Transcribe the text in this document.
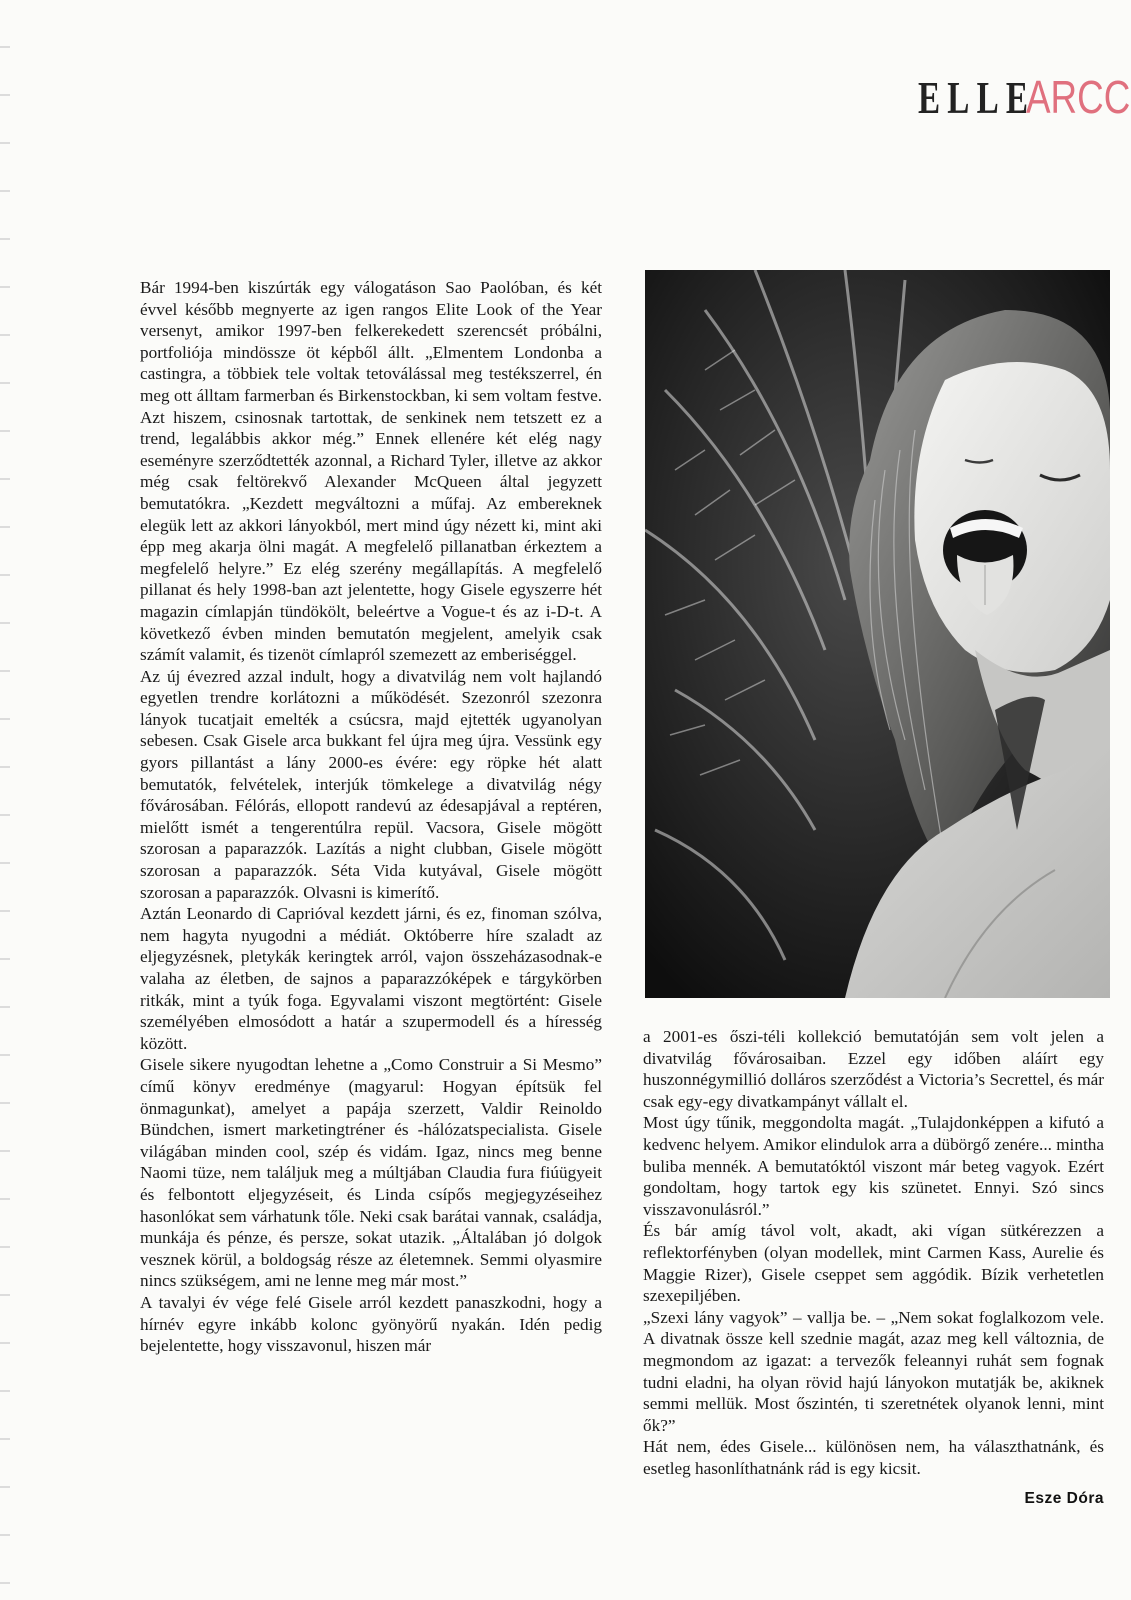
ELLE
ARCC

Bár 1994-ben kiszúrták egy válogatáson Sao Paolóban, és két évvel később megnyerte az igen rangos Elite Look of the Year versenyt, amikor 1997-ben felkerekedett szerencsét próbálni, portfoliója mindössze öt képből állt. „Elmentem Londonba a castingra, a többiek tele voltak tetoválással meg testékszerrel, én meg ott álltam farmerban és Birkenstockban, ki sem voltam festve. Azt hiszem, csinosnak tartottak, de senkinek nem tetszett ez a trend, legalábbis akkor még.” Ennek ellenére két elég nagy eseményre szerződtették azonnal, a Richard Tyler, illetve az akkor még csak feltörekvő Alexander McQueen által jegyzett bemutatókra. „Kezdett megváltozni a műfaj. Az embereknek elegük lett az akkori lányokból, mert mind úgy nézett ki, mint aki épp meg akarja ölni magát. A megfelelő pillanatban érkeztem a megfelelő helyre.” Ez elég szerény megállapítás. A megfelelő pillanat és hely 1998-ban azt jelentette, hogy Gisele egyszerre hét magazin címlapján tündökölt, beleértve a Vogue-t és az i-D-t. A következő évben minden bemutatón megjelent, amelyik csak számít valamit, és tizenöt címlapról szemezett az emberiséggel.

Az új évezred azzal indult, hogy a divatvilág nem volt hajlandó egyetlen trendre korlátozni a működését. Szezonról szezonra lányok tucatjait emelték a csúcsra, majd ejtették ugyanolyan sebesen. Csak Gisele arca bukkant fel újra meg újra. Vessünk egy gyors pillantást a lány 2000-es évére: egy röpke hét alatt bemutatók, felvételek, interjúk tömkelege a divatvilág négy fővárosában. Félórás, ellopott randevú az édesapjával a reptéren, mielőtt ismét a tengerentúlra repül. Vacsora, Gisele mögött szorosan a paparazzók. Lazítás a night clubban, Gisele mögött szorosan a paparazzók. Séta Vida kutyával, Gisele mögött szorosan a paparazzók. Olvasni is kimerítő.

Aztán Leonardo di Caprióval kezdett járni, és ez, finoman szólva, nem hagyta nyugodni a médiát. Októberre híre szaladt az eljegyzésnek, pletykák keringtek arról, vajon összeházasodnak-e valaha az életben, de sajnos a paparazzóképek e tárgykörben ritkák, mint a tyúk foga. Egyvalami viszont megtörtént: Gisele személyében elmosódott a határ a szupermodell és a híresség között.

Gisele sikere nyugodtan lehetne a „Como Construir a Si Mesmo” című könyv eredménye (magyarul: Hogyan építsük fel önmagunkat), amelyet a papája szerzett, Valdir Reinoldo Bündchen, ismert marketingtréner és -hálózatspecialista. Gisele világában minden cool, szép és vidám. Igaz, nincs meg benne Naomi tüze, nem találjuk meg a múltjában Claudia fura fiúügyeit és felbontott eljegyzéseit, és Linda csípős megjegyzéseihez hasonlókat sem várhatunk tőle. Neki csak barátai vannak, családja, munkája és pénze, és persze, sokat utazik. „Általában jó dolgok vesznek körül, a boldogság része az életemnek. Semmi olyasmire nincs szükségem, ami ne lenne meg már most.”

A tavalyi év vége felé Gisele arról kezdett panaszkodni, hogy a hírnév egyre inkább kolonc gyönyörű nyakán. Idén pedig bejelentette, hogy visszavonul, hiszen már

a 2001-es őszi-téli kollekció bemutatóján sem volt jelen a divatvilág fővárosaiban. Ezzel egy időben aláírt egy huszonnégymillió dolláros szerződést a Victoria’s Secrettel, és már csak egy-egy divatkampányt vállalt el.

Most úgy tűnik, meggondolta magát. „Tulajdonképpen a kifutó a kedvenc helyem. Amikor elindulok arra a dübörgő zenére... mintha buliba mennék. A bemutatóktól viszont már beteg vagyok. Ezért gondoltam, hogy tartok egy kis szünetet. Ennyi. Szó sincs visszavonulásról.”

És bár amíg távol volt, akadt, aki vígan sütkérezzen a reflektorfényben (olyan modellek, mint Carmen Kass, Aurelie és Maggie Rizer), Gisele cseppet sem aggódik. Bízik verhetetlen szexepiljében.

„Szexi lány vagyok” – vallja be. – „Nem sokat foglalkozom vele. A divatnak össze kell szednie magát, azaz meg kell változnia, de megmondom az igazat: a tervezők feleannyi ruhát sem fognak tudni eladni, ha olyan rövid hajú lányokon mutatják be, akiknek semmi mellük. Most őszintén, ti szeretnétek olyanok lenni, mint ők?”

Hát nem, édes Gisele... különösen nem, ha választhatnánk, és esetleg hasonlíthatnánk rád is egy kicsit.

Esze Dóra
